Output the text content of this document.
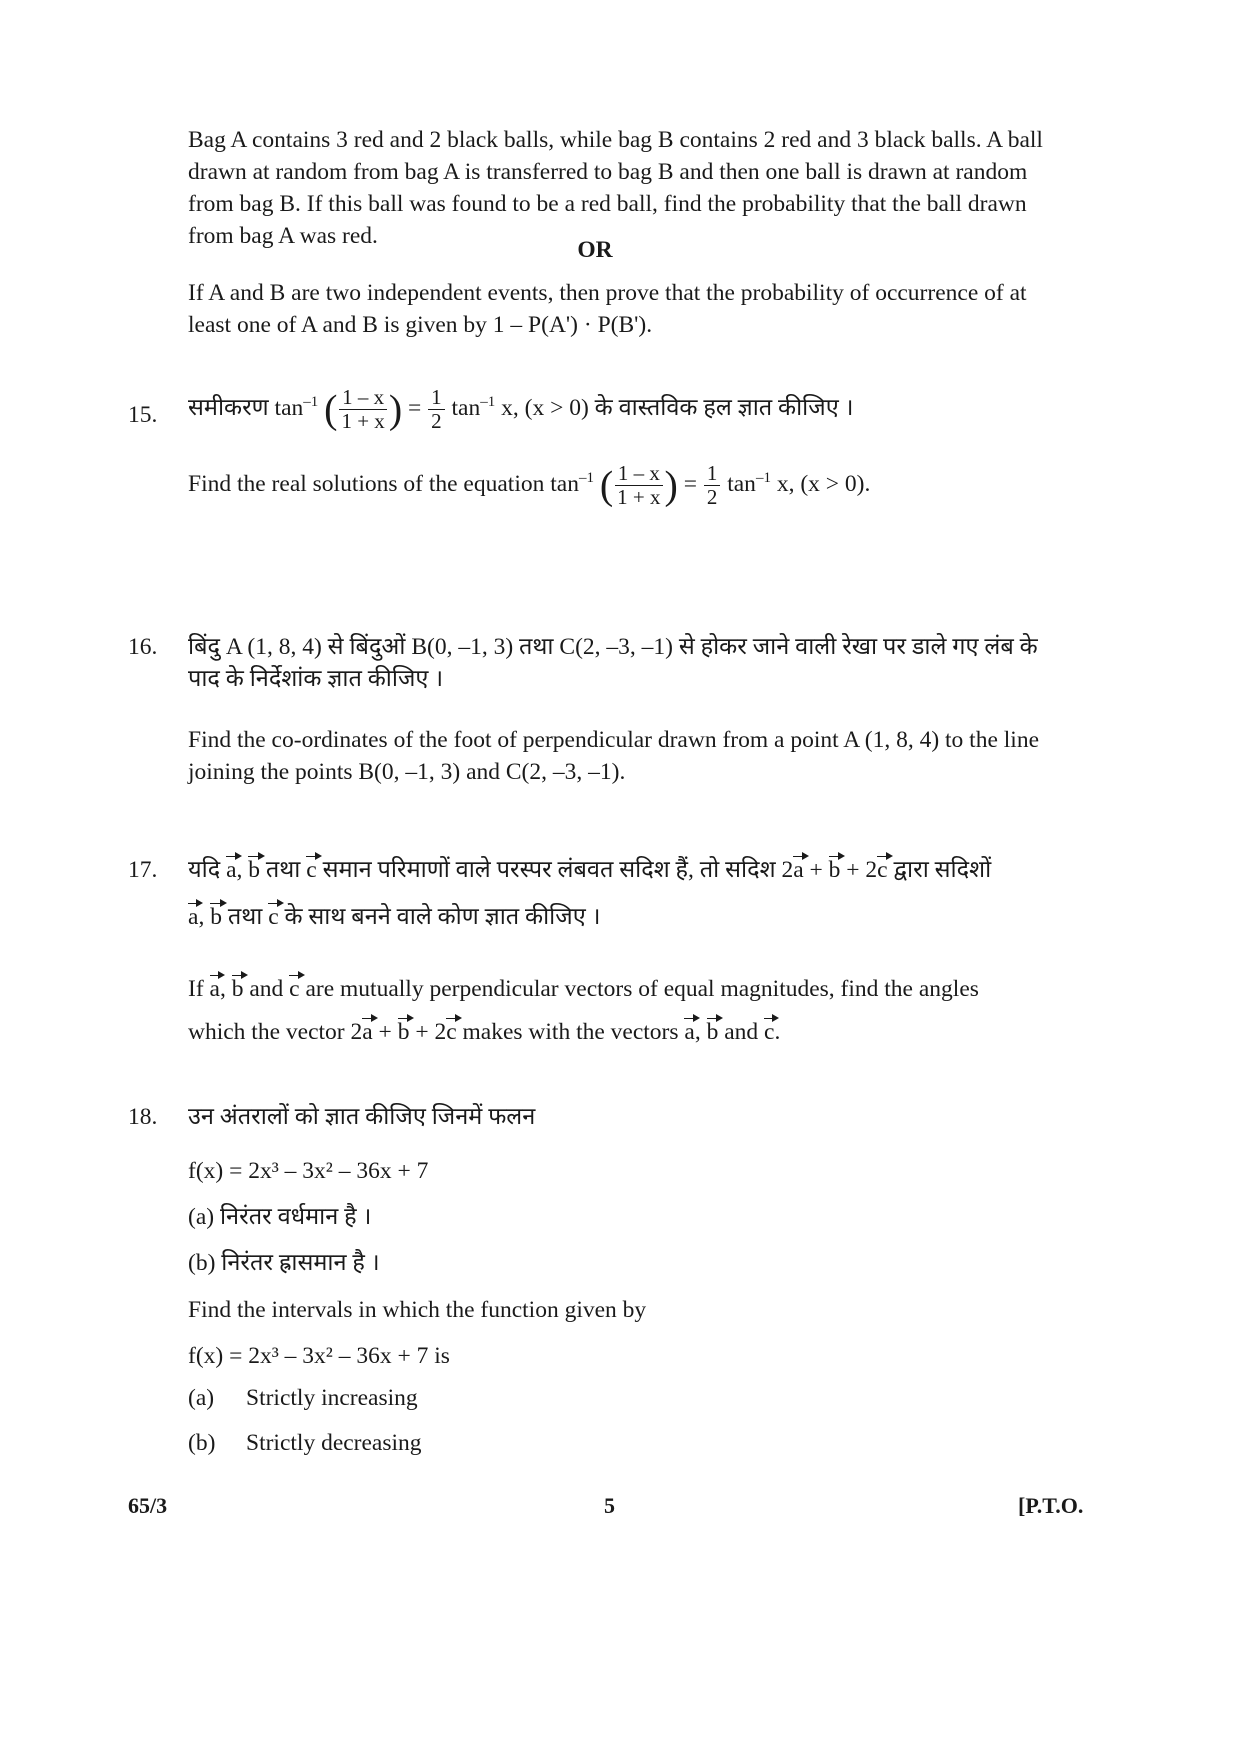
Bag A contains 3 red and 2 black balls, while bag B contains 2 red and 3 black balls. A ball drawn at random from bag A is transferred to bag B and then one ball is drawn at random from bag B. If this ball was found to be a red ball, find the probability that the ball drawn from bag A was red.

OR

If A and B are two independent events, then prove that the probability of occurrence of at least one of A and B is given by 1 – P(A') · P(B').

15. समीकरण $\tan^{-1}$ ( $\frac{1 - x}{1 + x}$ ) = $\frac{1}{2} \tan^{-1} x$, (x > 0) के वास्तविक हल ज्ञात कीजिए ।
Find the real solutions of the equation $\tan^{-1}$ ( $\frac{1 - x}{1 + x}$ ) = $\frac{1}{2} \tan^{-1} x$, (x > 0).
16. बिंदु A (1, 8, 4) से बिंदुओं B(0, –1, 3) तथा C(2, –3, –1) से होकर जाने वाली रेखा पर डाले गए लंब के पाद के निर्देशांक ज्ञात कीजिए ।

Find the co-ordinates of the foot of perpendicular drawn from a point A (1, 8, 4) to the line joining the points B(0, –1, 3) and C(2, –3, –1).

17. यदि a, b तथा c समान परिमाणों वाले परस्पर लंबवत सदिश हैं, तो सदिश 2a + b + 2c द्वारा सदिशों
a, b तथा c के साथ बनने वाले कोण ज्ञात कीजिए ।
If a, b and c are mutually perpendicular vectors of equal magnitudes, find the angles
which the vector 2a + b + 2c makes with the vectors a, b and c.
18. उन अंतरालों को ज्ञात कीजिए जिनमें फलन

f(x) = 2x³ – 3x² – 36x + 7

(a) निरंतर वर्धमान है ।

(b) निरंतर ह्रासमान है ।

Find the intervals in which the function given by

f(x) = 2x³ – 3x² – 36x + 7 is

(a) Strictly increasing
(b) Strictly decreasing
65/3	5	[P.T.O.
